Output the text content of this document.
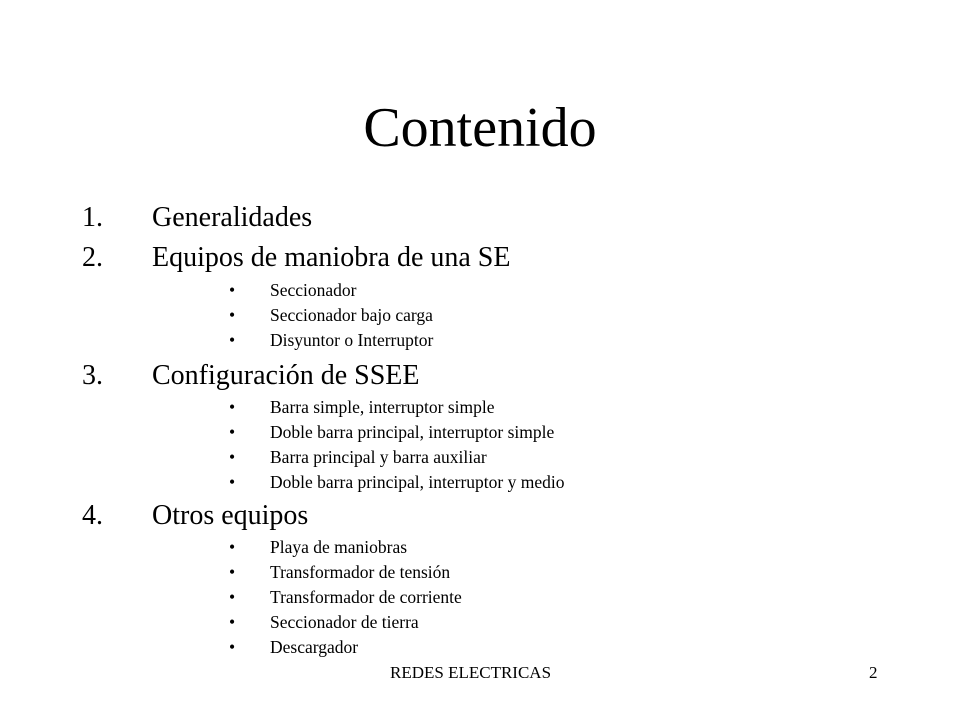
Contenido
1. Generalidades
2. Equipos de maniobra de una SE
• Seccionador
• Seccionador bajo carga
• Disyuntor o Interruptor
3. Configuración de SSEE
• Barra simple, interruptor simple
• Doble barra principal, interruptor simple
• Barra principal y barra auxiliar
• Doble barra principal, interruptor y medio
4. Otros equipos
• Playa de maniobras
• Transformador de tensión
• Transformador de corriente
• Seccionador de tierra
• Descargador
REDES ELECTRICAS	2
